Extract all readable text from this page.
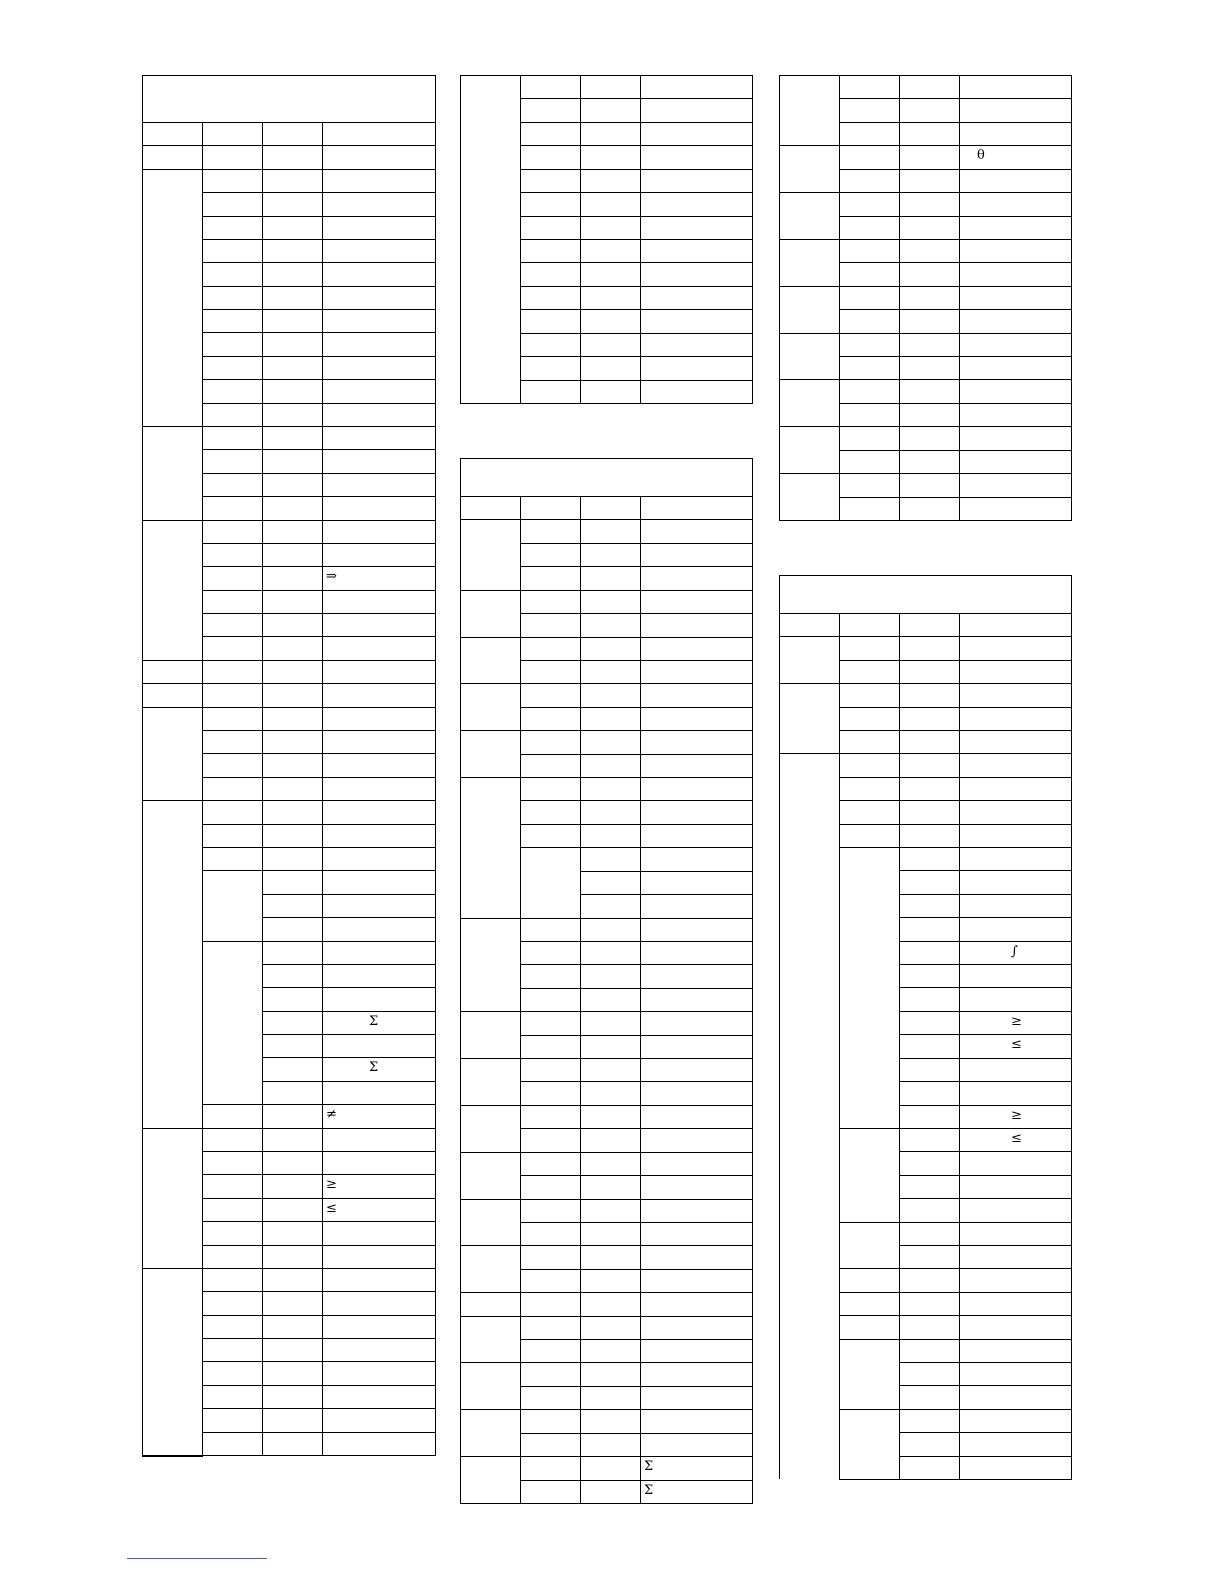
⇒
Σ
Σ
≠
≥
≤
Σ
Σ
θ
∫
≥
≤
≥
≤
